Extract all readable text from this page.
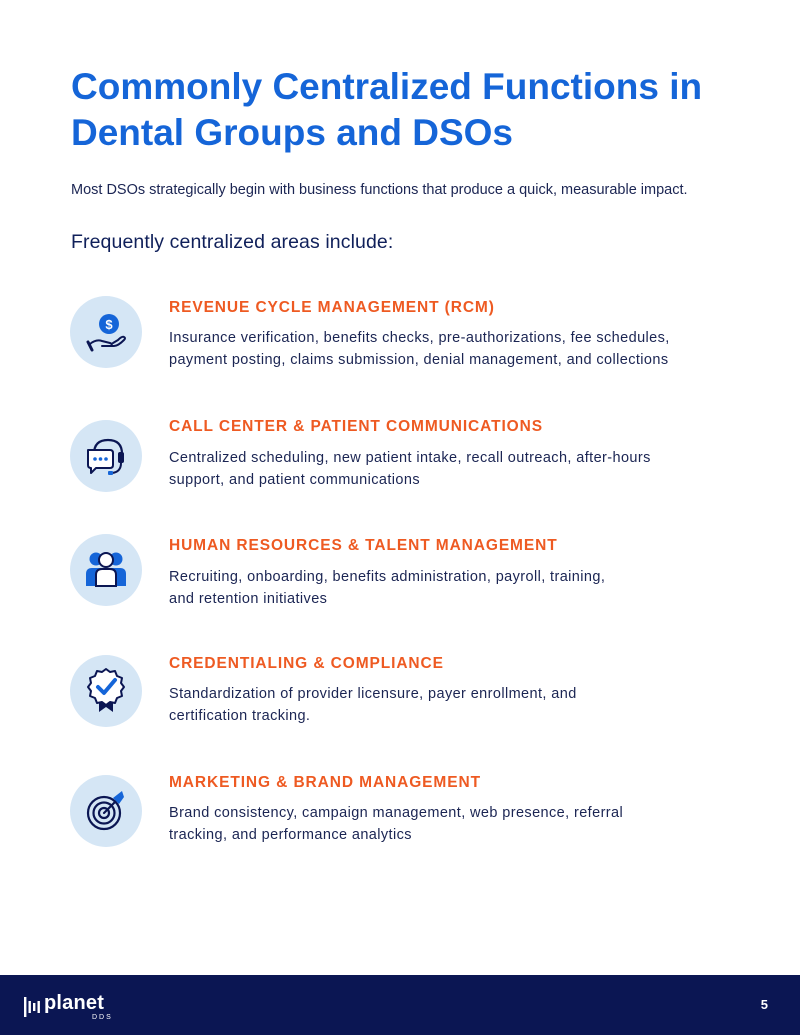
Commonly Centralized Functions in
Dental Groups and DSOs

Most DSOs strategically begin with business functions that produce a quick, measurable impact.

Frequently centralized areas include:
$
REVENUE CYCLE MANAGEMENT (RCM)

Insurance verification, benefits checks, pre-authorizations, fee schedules,
payment posting, claims submission, denial management, and collections

CALL CENTER & PATIENT COMMUNICATIONS

Centralized scheduling, new patient intake, recall outreach, after-hours
support, and patient communications

HUMAN RESOURCES & TALENT MANAGEMENT

Recruiting, onboarding, benefits administration, payroll, training,
and retention initiatives

CREDENTIALING & COMPLIANCE

Standardization of provider licensure, payer enrollment, and
certification tracking.

MARKETING & BRAND MANAGEMENT

Brand consistency, campaign management, web presence, referral
tracking, and performance analytics

planet
DDS
5
